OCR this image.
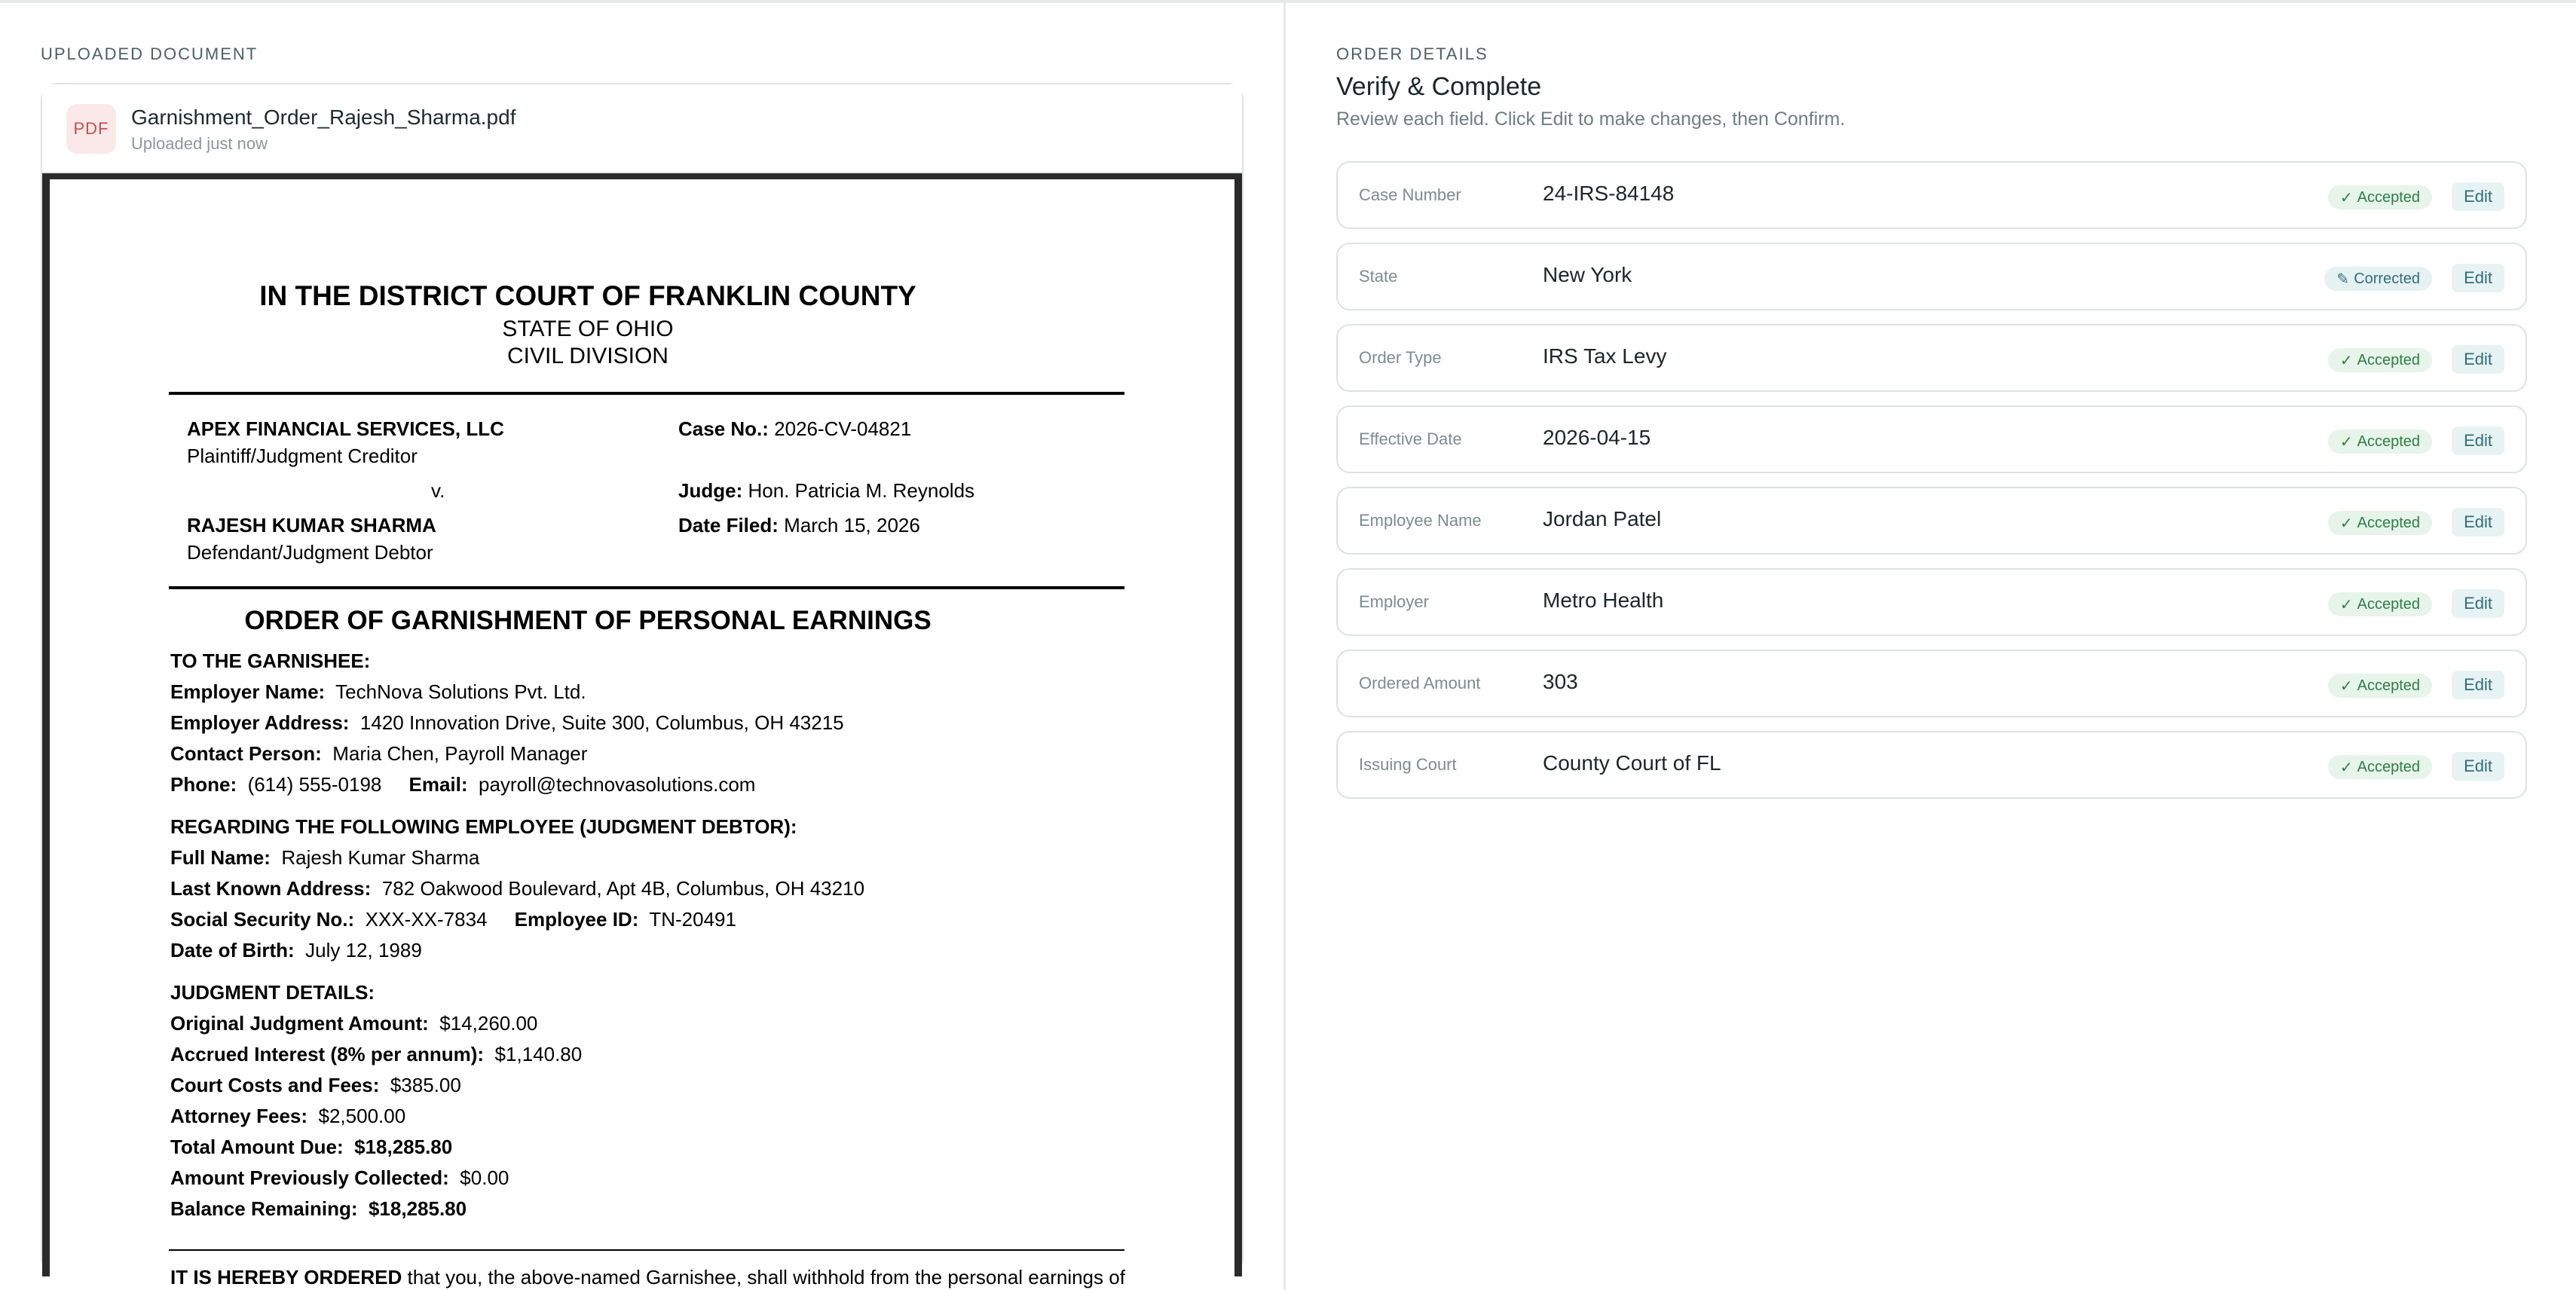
UPLOADED DOCUMENT
PDF	Garnishment_Order_Rajesh_Sharma.pdf
Uploaded just now
IN THE DISTRICT COURT OF FRANKLIN COUNTY
STATE OF OHIO
CIVIL DIVISION
APEX FINANCIAL SERVICES, LLC
Plaintiff/Judgment Creditor
v.
RAJESH KUMAR SHARMA
Defendant/Judgment Debtor
Case No.: 2026-CV-04821
Judge: Hon. Patricia M. Reynolds
Date Filed: March 15, 2026
ORDER OF GARNISHMENT OF PERSONAL EARNINGS
TO THE GARNISHEE:
Employer Name: TechNova Solutions Pvt. Ltd.
Employer Address: 1420 Innovation Drive, Suite 300, Columbus, OH 43215
Contact Person: Maria Chen, Payroll Manager
Phone: (614) 555-0198 Email: payroll@technovasolutions.com
REGARDING THE FOLLOWING EMPLOYEE (JUDGMENT DEBTOR):
Full Name: Rajesh Kumar Sharma
Last Known Address: 782 Oakwood Boulevard, Apt 4B, Columbus, OH 43210
Social Security No.: XXX-XX-7834 Employee ID: TN-20491
Date of Birth: July 12, 1989
JUDGMENT DETAILS:
Original Judgment Amount: $14,260.00
Accrued Interest (8% per annum): $1,140.80
Court Costs and Fees: $385.00
Attorney Fees: $2,500.00
Total Amount Due: $18,285.80
Amount Previously Collected: $0.00
Balance Remaining: $18,285.80
IT IS HEREBY ORDERED that you, the above-named Garnishee, shall withhold from the personal earnings of
ORDER DETAILS
Verify & Complete
Review each field. Click Edit to make changes, then Confirm.
Case Number	24-IRS-84148	✓ Accepted	Edit
State	New York	✎ Corrected	Edit
Order Type	IRS Tax Levy	✓ Accepted	Edit
Effective Date	2026-04-15	✓ Accepted	Edit
Employee Name	Jordan Patel	✓ Accepted	Edit
Employer	Metro Health	✓ Accepted	Edit
Ordered Amount	303	✓ Accepted	Edit
Issuing Court	County Court of FL	✓ Accepted	Edit
